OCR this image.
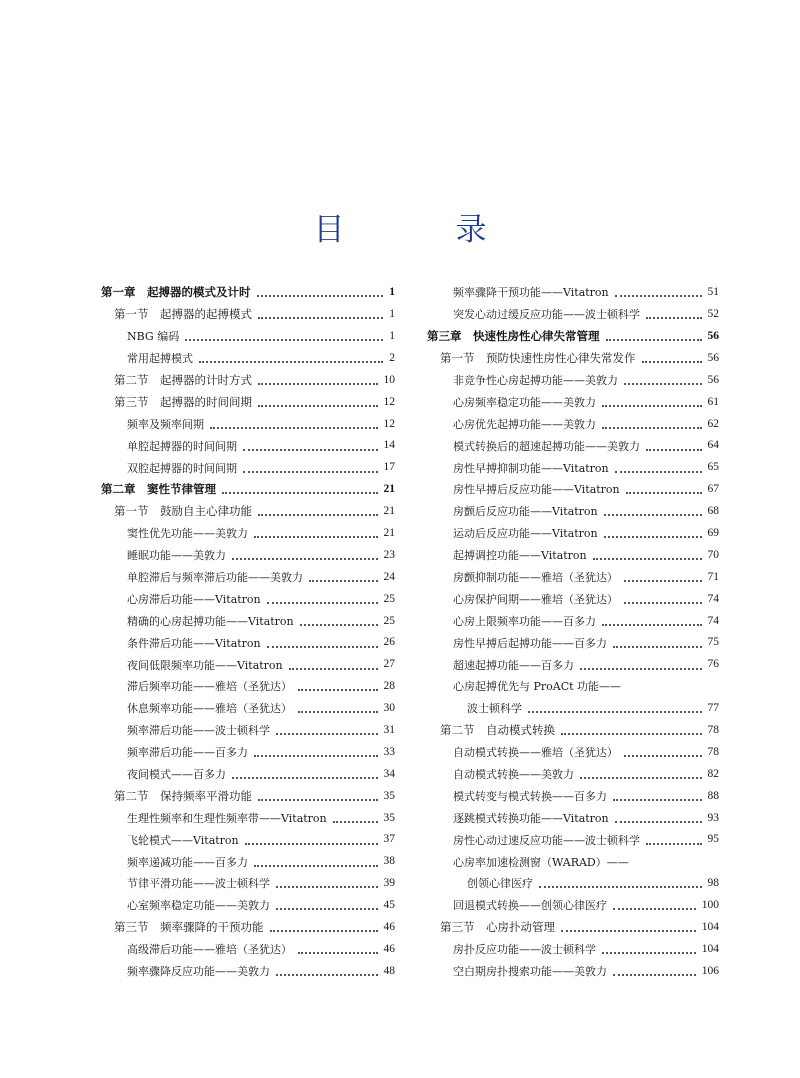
目　录
第一章　起搏器的模式及计时	1
第一节　起搏器的起搏模式	1
NBG 编码	1
常用起搏模式	2
第二节　起搏器的计时方式	10
第三节　起搏器的时间间期	12
频率及频率间期	12
单腔起搏器的时间间期	14
双腔起搏器的时间间期	17
第二章　窦性节律管理	21
第一节　鼓励自主心律功能	21
窦性优先功能——美敦力	21
睡眠功能——美敦力	23
单腔滞后与频率滞后功能——美敦力	24
心房滞后功能——Vitatron	25
精确的心房起搏功能——Vitatron	25
条件滞后功能——Vitatron	26
夜间低限频率功能——Vitatron	27
滞后频率功能——雅培（圣犹达）	28
休息频率功能——雅培（圣犹达）	30
频率滞后功能——波士顿科学	31
频率滞后功能——百多力	33
夜间模式——百多力	34
第二节　保持频率平滑功能	35
生理性频率和生理性频率带——Vitatron	35
飞轮模式——Vitatron	37
频率递减功能——百多力	38
节律平滑功能——波士顿科学	39
心室频率稳定功能——美敦力	45
第三节　频率骤降的干预功能	46
高级滞后功能——雅培（圣犹达）	46
频率骤降反应功能——美敦力	48
频率骤降干预功能——Vitatron	51
突发心动过缓反应功能——波士顿科学	52
第三章　快速性房性心律失常管理	56
第一节　预防快速性房性心律失常发作	56
非竞争性心房起搏功能——美敦力	56
心房频率稳定功能——美敦力	61
心房优先起搏功能——美敦力	62
模式转换后的超速起搏功能——美敦力	64
房性早搏抑制功能——Vitatron	65
房性早搏后反应功能——Vitatron	67
房颤后反应功能——Vitatron	68
运动后反应功能——Vitatron	69
起搏调控功能——Vitatron	70
房颤抑制功能——雅培（圣犹达）	71
心房保护间期——雅培（圣犹达）	74
心房上限频率功能——百多力	74
房性早搏后起搏功能——百多力	75
超速起搏功能——百多力	76
心房起搏优先与 ProACt 功能——
波士顿科学	77
第二节　自动模式转换	78
自动模式转换——雅培（圣犹达）	78
自动模式转换——美敦力	82
模式转变与模式转换——百多力	88
逐跳模式转换功能——Vitatron	93
房性心动过速反应功能——波士顿科学	95
心房率加速检测窗（WARAD）——
创领心律医疗	98
回退模式转换——创领心律医疗	100
第三节　心房扑动管理	104
房扑反应功能——波士顿科学	104
空白期房扑搜索功能——美敦力	106
